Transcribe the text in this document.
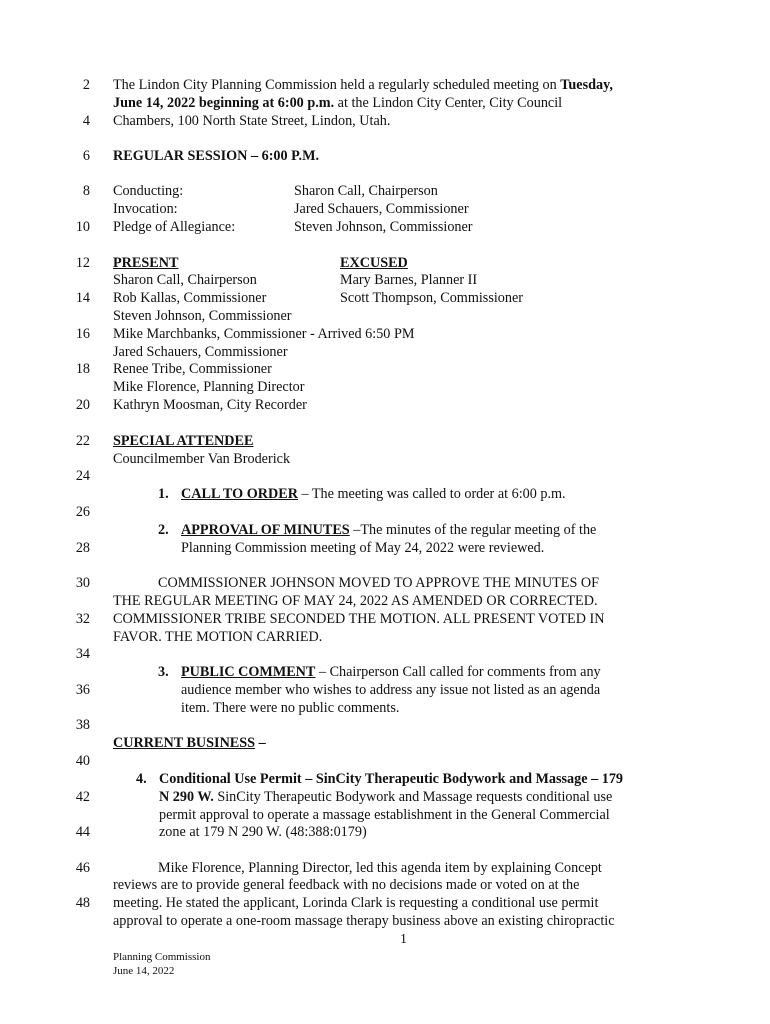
2
4
6
8
10
12
14
16
18
20
22
24
26
28
30
32
34
36
38
40
42
44
46
48
The Lindon City Planning Commission held a regularly scheduled meeting on Tuesday,
June 14, 2022 beginning at 6:00 p.m. at the Lindon City Center, City Council
Chambers, 100 North State Street, Lindon, Utah.
REGULAR SESSION – 6:00 P.M.
Conducting:	Sharon Call, Chairperson
Invocation:	Jared Schauers, Commissioner
Pledge of Allegiance:	Steven Johnson, Commissioner
PRESENT	EXCUSED
Sharon Call, Chairperson	Mary Barnes, Planner II
Rob Kallas, Commissioner	Scott Thompson, Commissioner
Steven Johnson, Commissioner
Mike Marchbanks, Commissioner - Arrived 6:50 PM
Jared Schauers, Commissioner
Renee Tribe, Commissioner
Mike Florence, Planning Director
Kathryn Moosman, City Recorder
SPECIAL ATTENDEE
Councilmember Van Broderick
1. CALL TO ORDER – The meeting was called to order at 6:00 p.m.
2. APPROVAL OF MINUTES –The minutes of the regular meeting of the
Planning Commission meeting of May 24, 2022 were reviewed.
COMMISSIONER JOHNSON MOVED TO APPROVE THE MINUTES OF
THE REGULAR MEETING OF MAY 24, 2022 AS AMENDED OR CORRECTED.
COMMISSIONER TRIBE SECONDED THE MOTION. ALL PRESENT VOTED IN
FAVOR. THE MOTION CARRIED.
3. PUBLIC COMMENT – Chairperson Call called for comments from any
audience member who wishes to address any issue not listed as an agenda
item. There were no public comments.
CURRENT BUSINESS –
4. Conditional Use Permit – SinCity Therapeutic Bodywork and Massage – 179
N 290 W. SinCity Therapeutic Bodywork and Massage requests conditional use
permit approval to operate a massage establishment in the General Commercial
zone at 179 N 290 W. (48:388:0179)
Mike Florence, Planning Director, led this agenda item by explaining Concept
reviews are to provide general feedback with no decisions made or voted on at the
meeting. He stated the applicant, Lorinda Clark is requesting a conditional use permit
approval to operate a one-room massage therapy business above an existing chiropractic
1
Planning Commission
June 14, 2022
